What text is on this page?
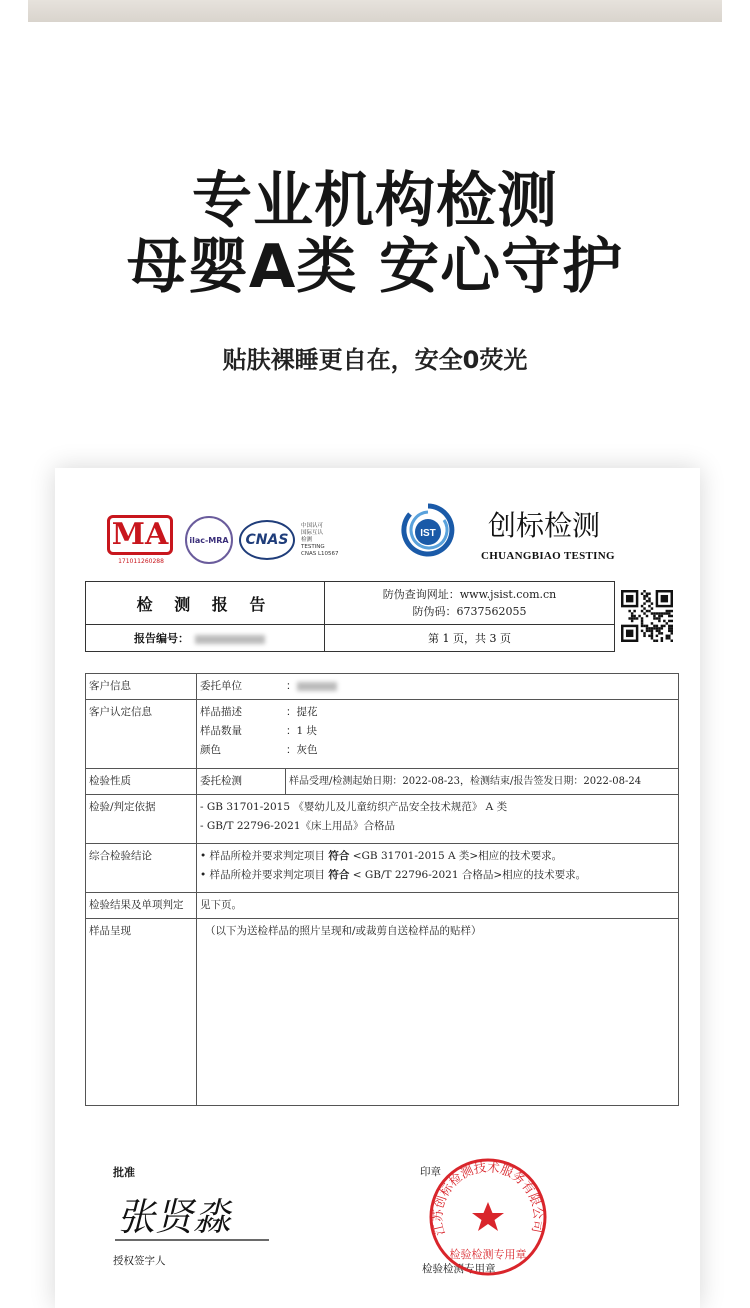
专业机构检测
母婴A类 安心守护
贴肤裸睡更自在，安全0荧光
MA
171011260288
ilac-MRA	CNAS
中国认可
国际互认
检测
TESTING
CNAS L10567
IST 创标检测
CHUANGBIAO TESTING
检 测 报 告	防伪查询网址：www.jsist.com.cn
防伪码：6737562055

报告编号：	第 1 页，共 3 页
客户信息	委托单位 ：	
客户认定信息	样品描述 ：提花
样品数量 ：1 块
颜色 ：灰色	

检验性质	委托检测	样品受理/检测起始日期：2022-08-23，检测结束/报告签发日期：2022-08-24
检验/判定依据	- GB 31701-2015 《婴幼儿及儿童纺织产品安全技术规范》 A 类
- GB/T 22796-2021《床上用品》合格品	

综合检验结论	• 样品所检并要求判定项目 符合 <GB 31701-2015 A 类>相应的技术要求。
• 样品所检并要求判定项目 符合 < GB/T 22796-2021 合格品>相应的技术要求。	

检验结果及单项判定	见下页。	
样品呈现	（以下为送检样品的照片呈现和/或裁剪自送检样品的贴样）	
批准
张贤淼
授权签字人
印章
检验检测专用章
江苏创标检测技术服务有限公司
检验检测专用章
